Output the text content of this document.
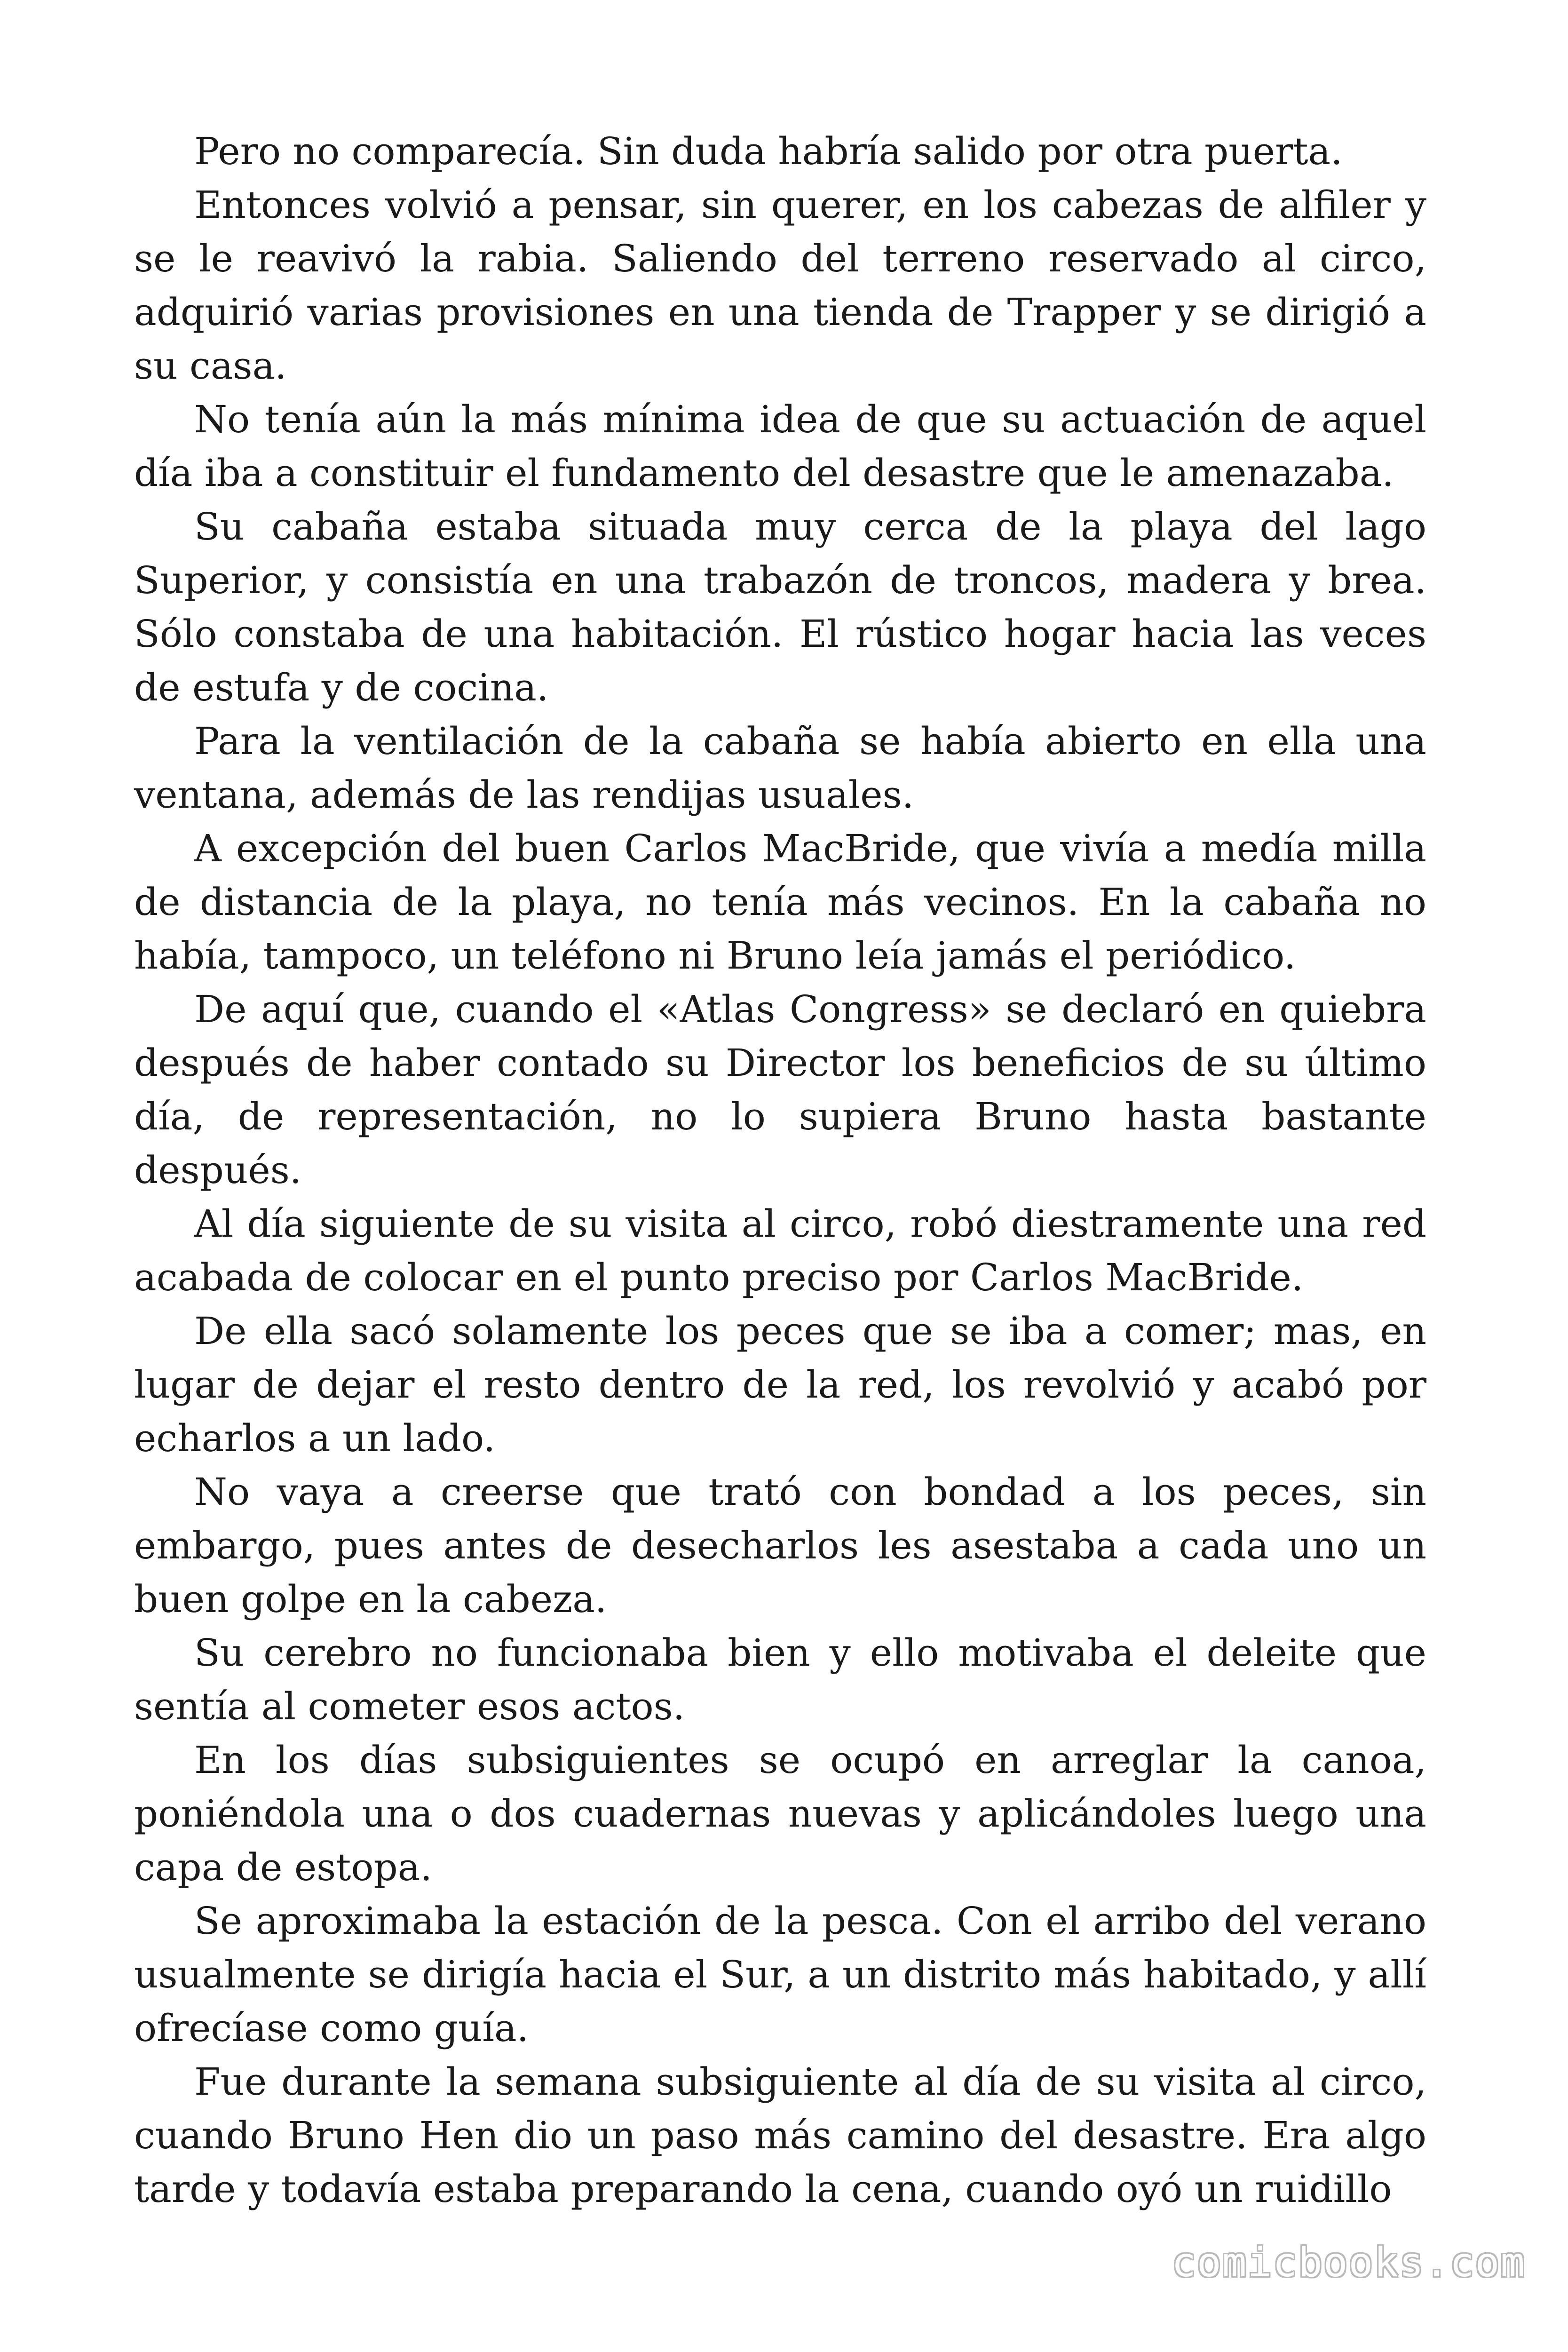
Pero no comparecía. Sin duda habría salido por otra puerta.

Entonces volvió a pensar, sin querer, en los cabezas de alfiler y se le reavivó la rabia. Saliendo del terreno reservado al circo, adquirió varias provisiones en una tienda de Trapper y se dirigió a su casa.

No tenía aún la más mínima idea de que su actuación de aquel día iba a constituir el fundamento del desastre que le amenazaba.

Su cabaña estaba situada muy cerca de la playa del lago Superior, y consistía en una trabazón de troncos, madera y brea. Sólo constaba de una habitación. El rústico hogar hacia las veces de estufa y de cocina.

Para la ventilación de la cabaña se había abierto en ella una ventana, además de las rendijas usuales.

A excepción del buen Carlos MacBride, que vivía a medía milla de distancia de la playa, no tenía más vecinos. En la cabaña no había, tampoco, un teléfono ni Bruno leía jamás el periódico.

De aquí que, cuando el «Atlas Congress» se declaró en quiebra después de haber contado su Director los beneficios de su último día, de representación, no lo supiera Bruno hasta bastante después.

Al día siguiente de su visita al circo, robó diestramente una red acabada de colocar en el punto preciso por Carlos MacBride.

De ella sacó solamente los peces que se iba a comer; mas, en lugar de dejar el resto dentro de la red, los revolvió y acabó por echarlos a un lado.

No vaya a creerse que trató con bondad a los peces, sin embargo, pues antes de desecharlos les asestaba a cada uno un buen golpe en la cabeza.

Su cerebro no funcionaba bien y ello motivaba el deleite que sentía al cometer esos actos.

En los días subsiguientes se ocupó en arreglar la canoa, poniéndola una o dos cuadernas nuevas y aplicándoles luego una capa de estopa.

Se aproximaba la estación de la pesca. Con el arribo del verano usualmente se dirigía hacia el Sur, a un distrito más habitado, y allí ofrecíase como guía.

Fue durante la semana subsiguiente al día de su visita al circo, cuando Bruno Hen dio un paso más camino del desastre. Era algo tarde y todavía estaba preparando la cena, cuando oyó un ruidillo

comicbooks.com
